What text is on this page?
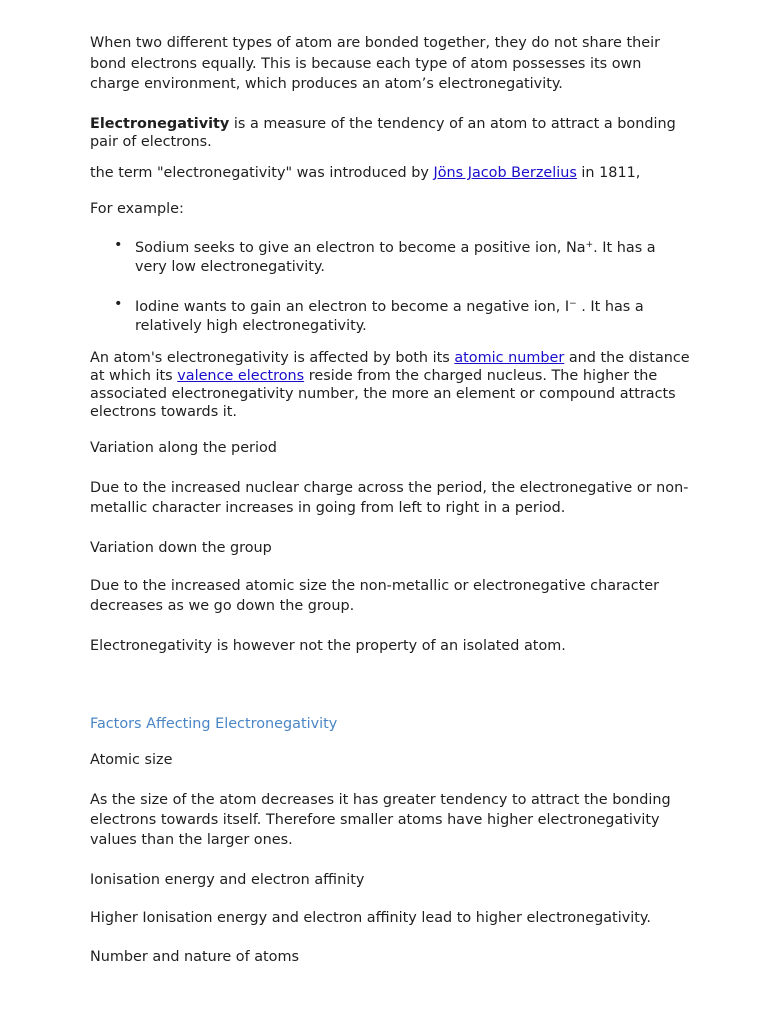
When two different types of atom are bonded together, they do not share their bond electrons equally. This is because each type of atom possesses its own charge environment, which produces an atom’s electronegativity.

Electronegativity is a measure of the tendency of an atom to attract a bonding pair of electrons.

the term "electronegativity" was introduced by Jöns Jacob Berzelius in 1811,

For example:

• Sodium seeks to give an electron to become a positive ion, Na+. It has a very low electronegativity.
• Iodine wants to gain an electron to become a negative ion, I− . It has a relatively high electronegativity.

An atom's electronegativity is affected by both its atomic number and the distance at which its valence electrons reside from the charged nucleus. The higher the associated electronegativity number, the more an element or compound attracts electrons towards it.

Variation along the period

Due to the increased nuclear charge across the period, the electronegative or non-metallic character increases in going from left to right in a period.

Variation down the group

Due to the increased atomic size the non-metallic or electronegative character decreases as we go down the group.

Electronegativity is however not the property of an isolated atom.

Factors Affecting Electronegativity

Atomic size

As the size of the atom decreases it has greater tendency to attract the bonding electrons towards itself. Therefore smaller atoms have higher electronegativity values than the larger ones.

Ionisation energy and electron affinity

Higher Ionisation energy and electron affinity lead to higher electronegativity.

Number and nature of atoms
